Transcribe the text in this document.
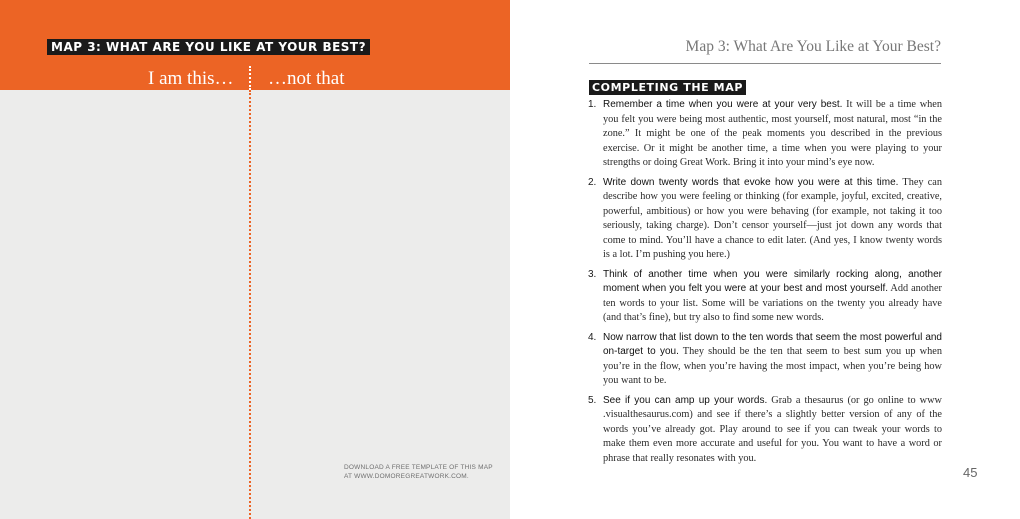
MAP 3: WHAT ARE YOU LIKE AT YOUR BEST?
I am this… …not that
DOWNLOAD A FREE TEMPLATE OF THIS MAP
AT WWW.DOMOREGREATWORK.COM.
Map 3: What Are You Like at Your Best?
COMPLETING THE MAP
1. Remember a time when you were at your very best. It will be a time when you felt you were being most authentic, most yourself, most natural, most “in the zone.” It might be one of the peak moments you described in the previous exercise. Or it might be another time, a time when you were playing to your strengths or doing Great Work. Bring it into your mind’s eye now.
2. Write down twenty words that evoke how you were at this time. They can describe how you were feeling or thinking (for example, joyful, excited, creative, powerful, ambitious) or how you were behaving (for example, not taking it too seriously, taking charge). Don’t censor yourself—just jot down any words that come to mind. You’ll have a chance to edit later. (And yes, I know twenty words is a lot. I’m pushing you here.)
3. Think of another time when you were similarly rocking along, another moment when you felt you were at your best and most yourself. Add another ten words to your list. Some will be variations on the twenty you already have (and that’s fine), but try also to find some new words.
4. Now narrow that list down to the ten words that seem the most powerful and on-target to you. They should be the ten that seem to best sum you up when you’re in the flow, when you’re having the most impact, when you’re being how you want to be.
5. See if you can amp up your words. Grab a thesaurus (or go online to www .visualthesaurus.com) and see if there’s a slightly better version of any of the words you’ve already got. Play around to see if you can tweak your words to make them even more accurate and useful for you. You want to have a word or phrase that really resonates with you.
45
